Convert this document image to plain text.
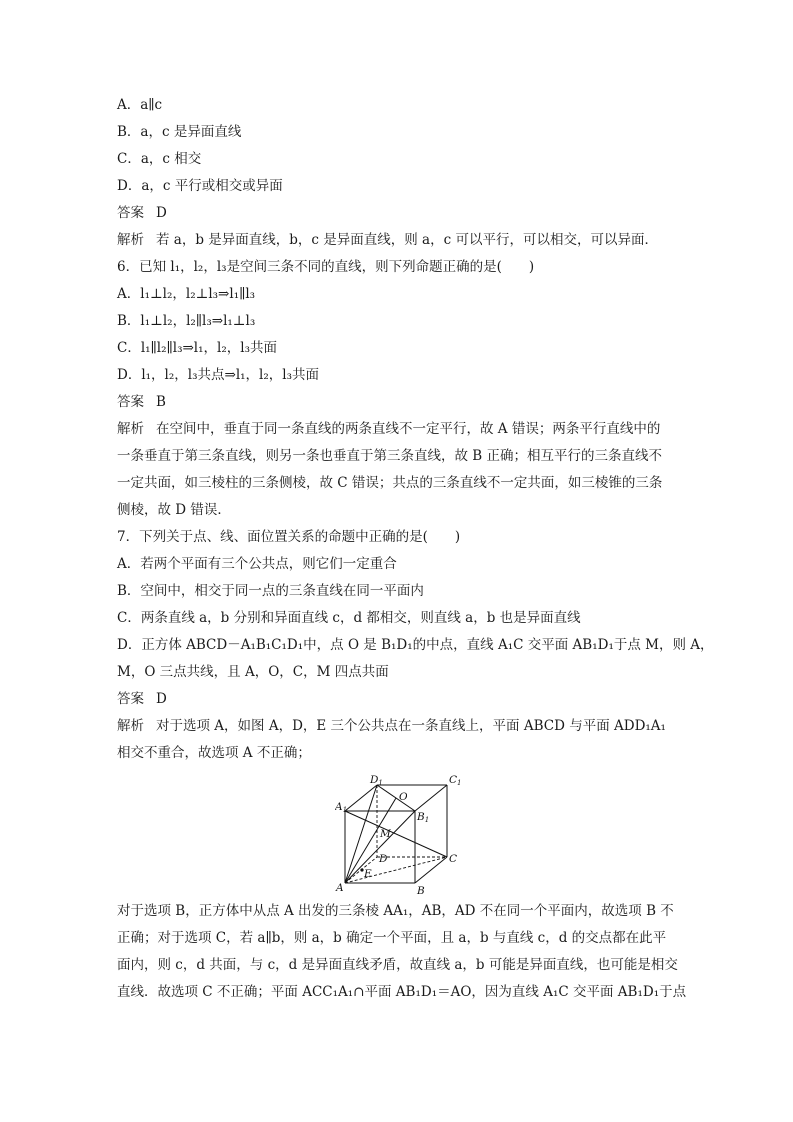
A．a∥c
B．a，c 是异面直线
C．a，c 相交
D．a，c 平行或相交或异面
答案 D
解析 若 a，b 是异面直线，b，c 是异面直线，则 a，c 可以平行，可以相交，可以异面．
6．已知 l₁，l₂，l₃是空间三条不同的直线，则下列命题正确的是(　　)
A．l₁⊥l₂，l₂⊥l₃⇒l₁∥l₃
B．l₁⊥l₂，l₂∥l₃⇒l₁⊥l₃
C．l₁∥l₂∥l₃⇒l₁，l₂，l₃共面
D．l₁，l₂，l₃共点⇒l₁，l₂，l₃共面
答案 B
解析 在空间中，垂直于同一条直线的两条直线不一定平行，故 A 错误；两条平行直线中的
一条垂直于第三条直线，则另一条也垂直于第三条直线，故 B 正确；相互平行的三条直线不
一定共面，如三棱柱的三条侧棱，故 C 错误；共点的三条直线不一定共面，如三棱锥的三条
侧棱，故 D 错误．
7．下列关于点、线、面位置关系的命题中正确的是(　　)
A．若两个平面有三个公共点，则它们一定重合
B．空间中，相交于同一点的三条直线在同一平面内
C．两条直线 a，b 分别和异面直线 c，d 都相交，则直线 a，b 也是异面直线
D．正方体 ABCD－A₁B₁C₁D₁中，点 O 是 B₁D₁的中点，直线 A₁C 交平面 AB₁D₁于点 M，则 A，
M，O 三点共线，且 A，O，C，M 四点共面
答案 D
解析 对于选项 A，如图 A，D，E 三个公共点在一条直线上，平面 ABCD 与平面 ADD₁A₁
相交不重合，故选项 A 不正确；
D1	C1
A1
B1
O
M
D
E
A	B
C
对于选项 B，正方体中从点 A 出发的三条棱 AA₁，AB，AD 不在同一个平面内，故选项 B 不
正确；对于选项 C，若 a∥b，则 a，b 确定一个平面，且 a，b 与直线 c，d 的交点都在此平
面内，则 c，d 共面，与 c，d 是异面直线矛盾，故直线 a，b 可能是异面直线，也可能是相交
直线．故选项 C 不正确；平面 ACC₁A₁∩平面 AB₁D₁＝AO，因为直线 A₁C 交平面 AB₁D₁于点
